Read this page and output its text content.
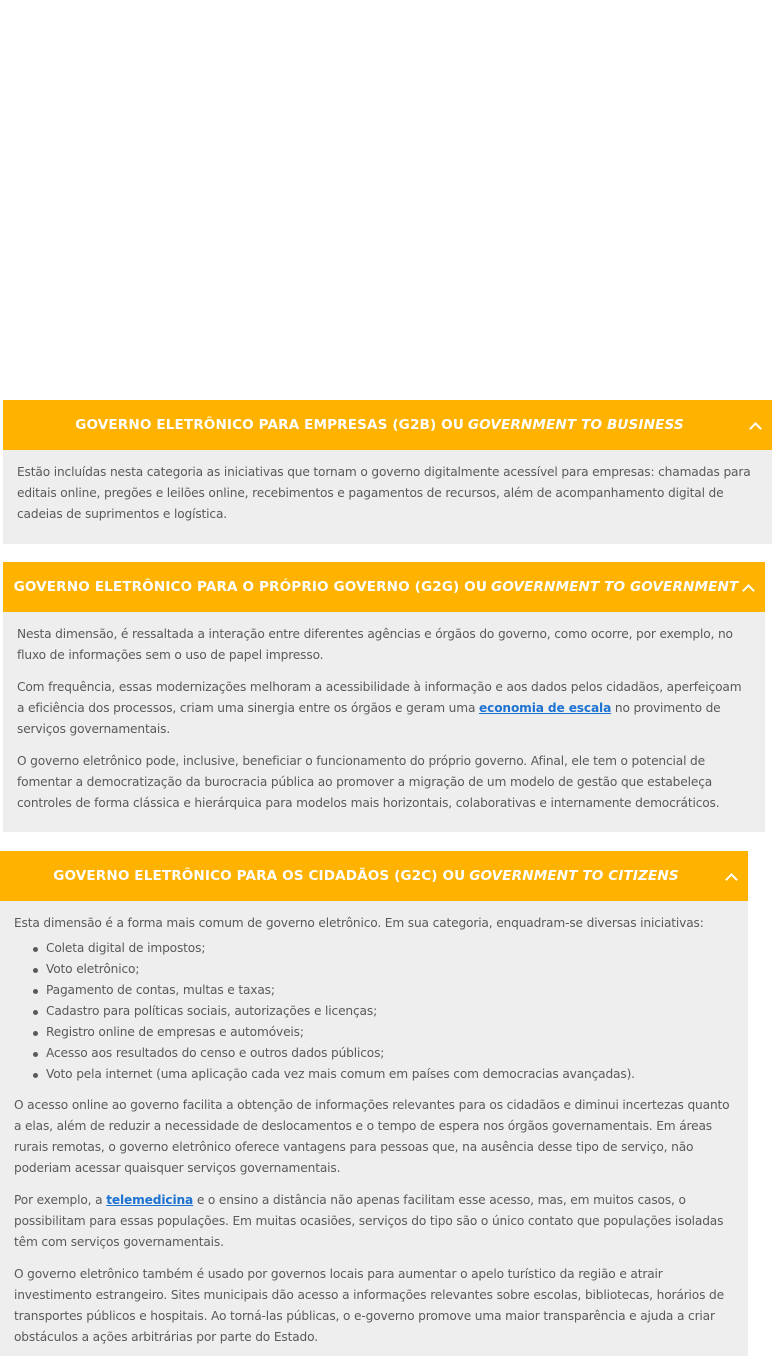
GOVERNO ELETRÔNICO PARA EMPRESAS (G2B) OU GOVERNMENT TO BUSINESS

Estão incluídas nesta categoria as iniciativas que tornam o governo digitalmente acessível para empresas: chamadas para editais online, pregões e leilões online, recebimentos e pagamentos de recursos, além de acompanhamento digital de cadeias de suprimentos e logística.

GOVERNO ELETRÔNICO PARA O PRÓPRIO GOVERNO (G2G) OU GOVERNMENT TO GOVERNMENT

Nesta dimensão, é ressaltada a interação entre diferentes agências e órgãos do governo, como ocorre, por exemplo, no fluxo de informações sem o uso de papel impresso.

Com frequência, essas modernizações melhoram a acessibilidade à informação e aos dados pelos cidadãos, aperfeiçoam a eficiência dos processos, criam uma sinergia entre os órgãos e geram uma economia de escala no provimento de serviços governamentais.

O governo eletrônico pode, inclusive, beneficiar o funcionamento do próprio governo. Afinal, ele tem o potencial de fomentar a democratização da burocracia pública ao promover a migração de um modelo de gestão que estabeleça controles de forma clássica e hierárquica para modelos mais horizontais, colaborativas e internamente democráticos.

GOVERNO ELETRÔNICO PARA OS CIDADÃOS (G2C) OU GOVERNMENT TO CITIZENS

Esta dimensão é a forma mais comum de governo eletrônico. Em sua categoria, enquadram-se diversas iniciativas:

Coleta digital de impostos;
Voto eletrônico;
Pagamento de contas, multas e taxas;
Cadastro para políticas sociais, autorizações e licenças;
Registro online de empresas e automóveis;
Acesso aos resultados do censo e outros dados públicos;
Voto pela internet (uma aplicação cada vez mais comum em países com democracias avançadas).

O acesso online ao governo facilita a obtenção de informações relevantes para os cidadãos e diminui incertezas quanto a elas, além de reduzir a necessidade de deslocamentos e o tempo de espera nos órgãos governamentais. Em áreas rurais remotas, o governo eletrônico oferece vantagens para pessoas que, na ausência desse tipo de serviço, não poderiam acessar quaisquer serviços governamentais.

Por exemplo, a telemedicina e o ensino a distância não apenas facilitam esse acesso, mas, em muitos casos, o possibilitam para essas populações. Em muitas ocasiões, serviços do tipo são o único contato que populações isoladas têm com serviços governamentais.

O governo eletrônico também é usado por governos locais para aumentar o apelo turístico da região e atrair investimento estrangeiro. Sites municipais dão acesso a informações relevantes sobre escolas, bibliotecas, horários de transportes públicos e hospitais. Ao torná-las públicas, o e-governo promove uma maior transparência e ajuda a criar obstáculos a ações arbitrárias por parte do Estado.
